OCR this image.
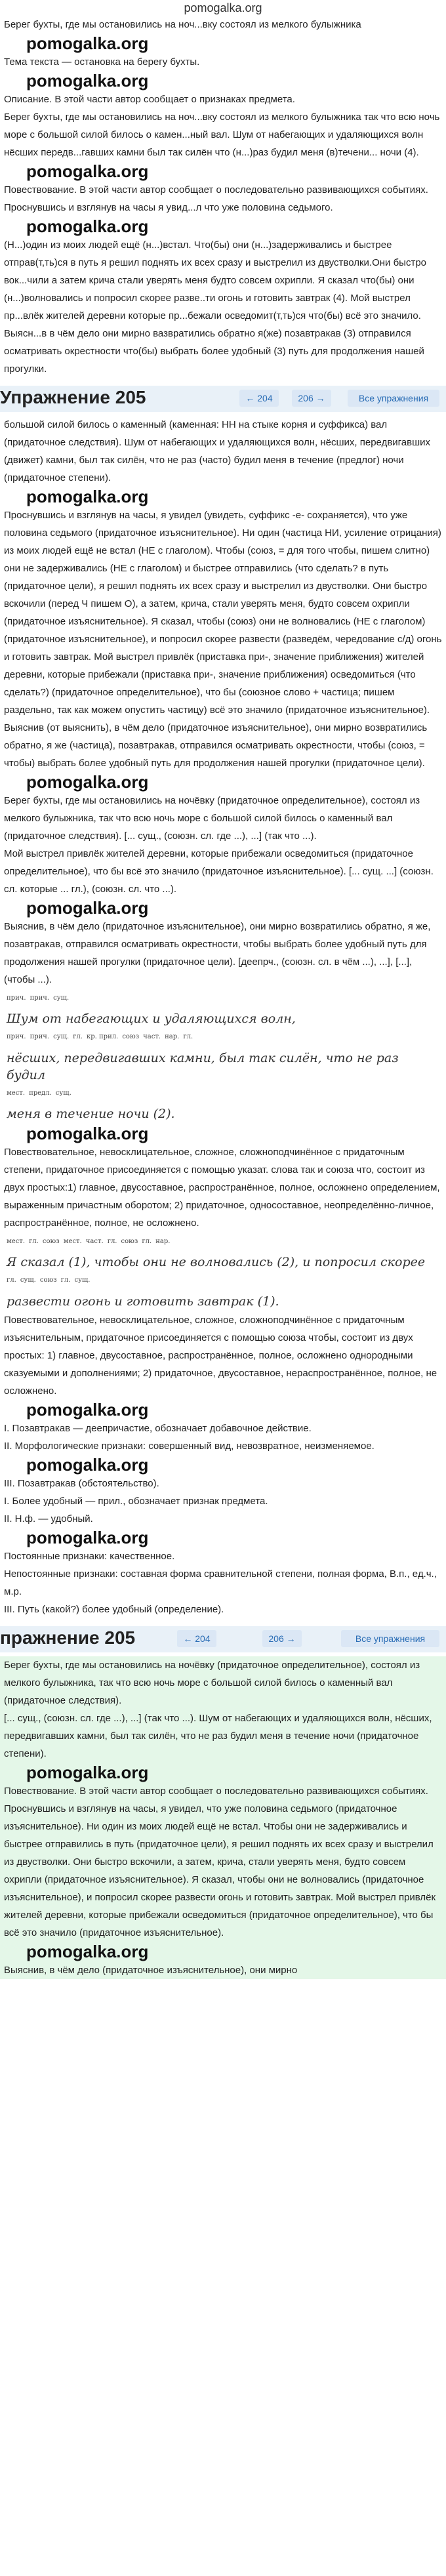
pomogalka.org

Берег бухты, где мы остановились на ноч...вку состоял из мелкого булыжника

pomogalka.org

Тема текста — остановка на берегу бухты.

pomogalka.org

Описание. В этой части автор сообщает о признаках предмета.

Берег бухты, где мы остановились на ноч...вку состоял из мелкого булыжника так что всю ночь море с большой силой билось о камен...ный вал. Шум от набегающих и удаляющихся волн нёсших передв...гавших камни был так силён что (н...)раз будил меня (в)течени... ночи (4).

pomogalka.org

Повествование. В этой части автор сообщает о последовательно развивающихся событиях.

Проснувшись и взглянув на часы я увид...л что уже половина седьмого.

pomogalka.org

(Н...)один из моих людей ещё (н...)встал. Что(бы) они (н...)задерживались и быстрее отправ(т,ть)ся в путь я решил поднять их всех сразу и выстрелил из двустволки.Они быстро вок...чили а затем крича стали уверять меня будто совсем охрипли. Я сказал что(бы) они (н...)волновались и попросил скорее разве..ти огонь и готовить завтрак (4). Мой выстрел пр...влёк жителей деревни которые пр...бежали осведомит(т,ть)ся что(бы) всё это значило. Выясн...в в чём дело они мирно вазвратились обратно я(же) позавтракав (3) отправился осматривать окрестности что(бы) выбрать более удобный (3) путь для продолжения нашей прогулки.

Упражнение 205	← 204	206 →	Все упражнения

большой силой билось о каменный (каменная: НН на стыке корня и суффикса) вал (придаточное следствия). Шум от набегающих и удаляющихся волн, нёсших, передвигавших (движет) камни, был так силён, что не раз (часто) будил меня в течение (предлог) ночи (придаточное степени).

pomogalka.org

Проснувшись и взглянув на часы, я увидел (увидеть, суффикс -е- сохраняется), что уже половина седьмого (придаточное изъяснительное). Ни один (частица НИ, усиление отрицания) из моих людей ещё не встал (НЕ с глаголом). Чтобы (союз, = для того чтобы, пишем слитно) они не задерживались (НЕ с глаголом) и быстрее отправились (что сделать? в путь (придаточное цели), я решил поднять их всех сразу и выстрелил из двустволки. Они быстро вскочили (перед Ч пишем О), а затем, крича, стали уверять меня, будто совсем охрипли (придаточное изъяснительное). Я сказал, чтобы (союз) они не волновались (НЕ с глаголом) (придаточное изъяснительное), и попросил скорее развести (разведём, чередование с/д) огонь и готовить завтрак. Мой выстрел привлёк (приставка при-, значение приближения) жителей деревни, которые прибежали (приставка при-, значение приближения) осведомиться (что сделать?) (придаточное определительное), что бы (союзное слово + частица; пишем раздельно, так как можем опустить частицу) всё это значило (придаточное изъяснительное). Выяснив (от выяснить), в чём дело (придаточное изъяснительное), они мирно возвратились обратно, я же (частица), позавтракав, отправился осматривать окрестности, чтобы (союз, = чтобы) выбрать более удобный путь для продолжения нашей прогулки (придаточное цели).

pomogalka.org

Берег бухты, где мы остановились на ночёвку (придаточное определительное), состоял из мелкого булыжника, так что всю ночь море с большой силой билось о каменный вал (придаточное следствия). [... сущ., (союзн. сл. где ...), ...] (так что ...).

Мой выстрел привлёк жителей деревни, которые прибежали осведомиться (придаточное определительное), что бы всё это значило (придаточное изъяснительное). [... сущ. ...] (союзн. сл. которые ... гл.), (союзн. сл. что ...).

pomogalka.org

Выяснив, в чём дело (придаточное изъяснительное), они мирно возвратились обратно, я же, позавтракав, отправился осматривать окрестности, чтобы выбрать более удобный путь для продолжения нашей прогулки (придаточное цели). [деепрч., (союзн. сл. в чём ...), ...], [...], (чтобы ...).

$^{прич.}$ $^{прич.}$ $^{сущ.}$
Шум от набегающих и удаляющихся волн,
$^{прич.}$ $^{прич.}$ $^{сущ.}$ $^{гл.}$ $^{кр. прил.}$ $^{союз}$ $^{част.}$ $^{нар.}$ $^{гл.}$
нёсших, передвигавших камни, был так силён, что не раз будил
$^{мест.}$ $^{предл.}$ $^{сущ.}$
меня в течение ночи (2).
pomogalka.org

Повествовательное, невосклицательное, сложное, сложноподчинённое с придаточным степени, придаточное присоединяется с помощью указат. слова так и союза что, состоит из двух простых:1) главное, двусоставное, распространённое, полное, осложнено определением, выраженным причастным оборотом; 2) придаточное, односоставное, неопределённо-личное, распространённое, полное, не осложнено.

$^{мест.}$ $^{гл.}$ $^{союз}$ $^{мест.}$ $^{част.}$ $^{гл.}$ $^{союз}$ $^{гл.}$ $^{нар.}$
Я сказал (1), чтобы они не волновались (2), и попросил скорее
$^{гл.}$ $^{сущ.}$ $^{союз}$ $^{гл.}$ $^{сущ.}$
развести огонь и готовить завтрак (1).

Повествовательное, невосклицательное, сложное, сложноподчинённое с придаточным изъяснительным, придаточное присоединяется с помощью союза чтобы, состоит из двух простых: 1) главное, двусоставное, распространённое, полное, осложнено однородными сказуемыми и дополнениями; 2) придаточное, двусоставное, нераспространённое, полное, не осложнено.

pomogalka.org

I. Позавтракав — деепричастие, обозначает добавочное действие.

II. Морфологические признаки: совершенный вид, невозвратное, неизменяемое.

pomogalka.org

III. Позавтракав (обстоятельство).

I. Более удобный — прил., обозначает признак предмета.

II. Н.ф. — удобный.

pomogalka.org

Постоянные признаки: качественное.

Непостоянные признаки: составная форма сравнительной степени, полная форма, В.п., ед.ч., м.р.

III. Путь (какой?) более удобный (определение).

пражнение 205	← 204	206 →	Все упражнения

Берег бухты, где мы остановились на ночёвку (придаточное определительное), состоял из мелкого булыжника, так что всю ночь море с большой силой билось о каменный вал (придаточное следствия).

[... сущ., (союзн. сл. где ...), ...] (так что ...). Шум от набегающих и удаляющихся волн, нёсших, передвигавших камни, был так силён, что не раз будил меня в течение ночи (придаточное степени).

pomogalka.org

Повествование. В этой части автор сообщает о последовательно развивающихся событиях.

Проснувшись и взглянув на часы, я увидел, что уже половина седьмого (придаточное изъяснительное). Ни один из моих людей ещё не встал. Чтобы они не задерживались и быстрее отправились в путь (придаточное цели), я решил поднять их всех сразу и выстрелил из двустволки. Они быстро вскочили, а затем, крича, стали уверять меня, будто совсем охрипли (придаточное изъяснительное). Я сказал, чтобы они не волновались (придаточное изъяснительное), и попросил скорее развести огонь и готовить завтрак. Мой выстрел привлёк жителей деревни, которые прибежали осведомиться (придаточное определительное), что бы всё это значило (придаточное изъяснительное).

pomogalka.org

Выяснив, в чём дело (придаточное изъяснительное), они мирно
